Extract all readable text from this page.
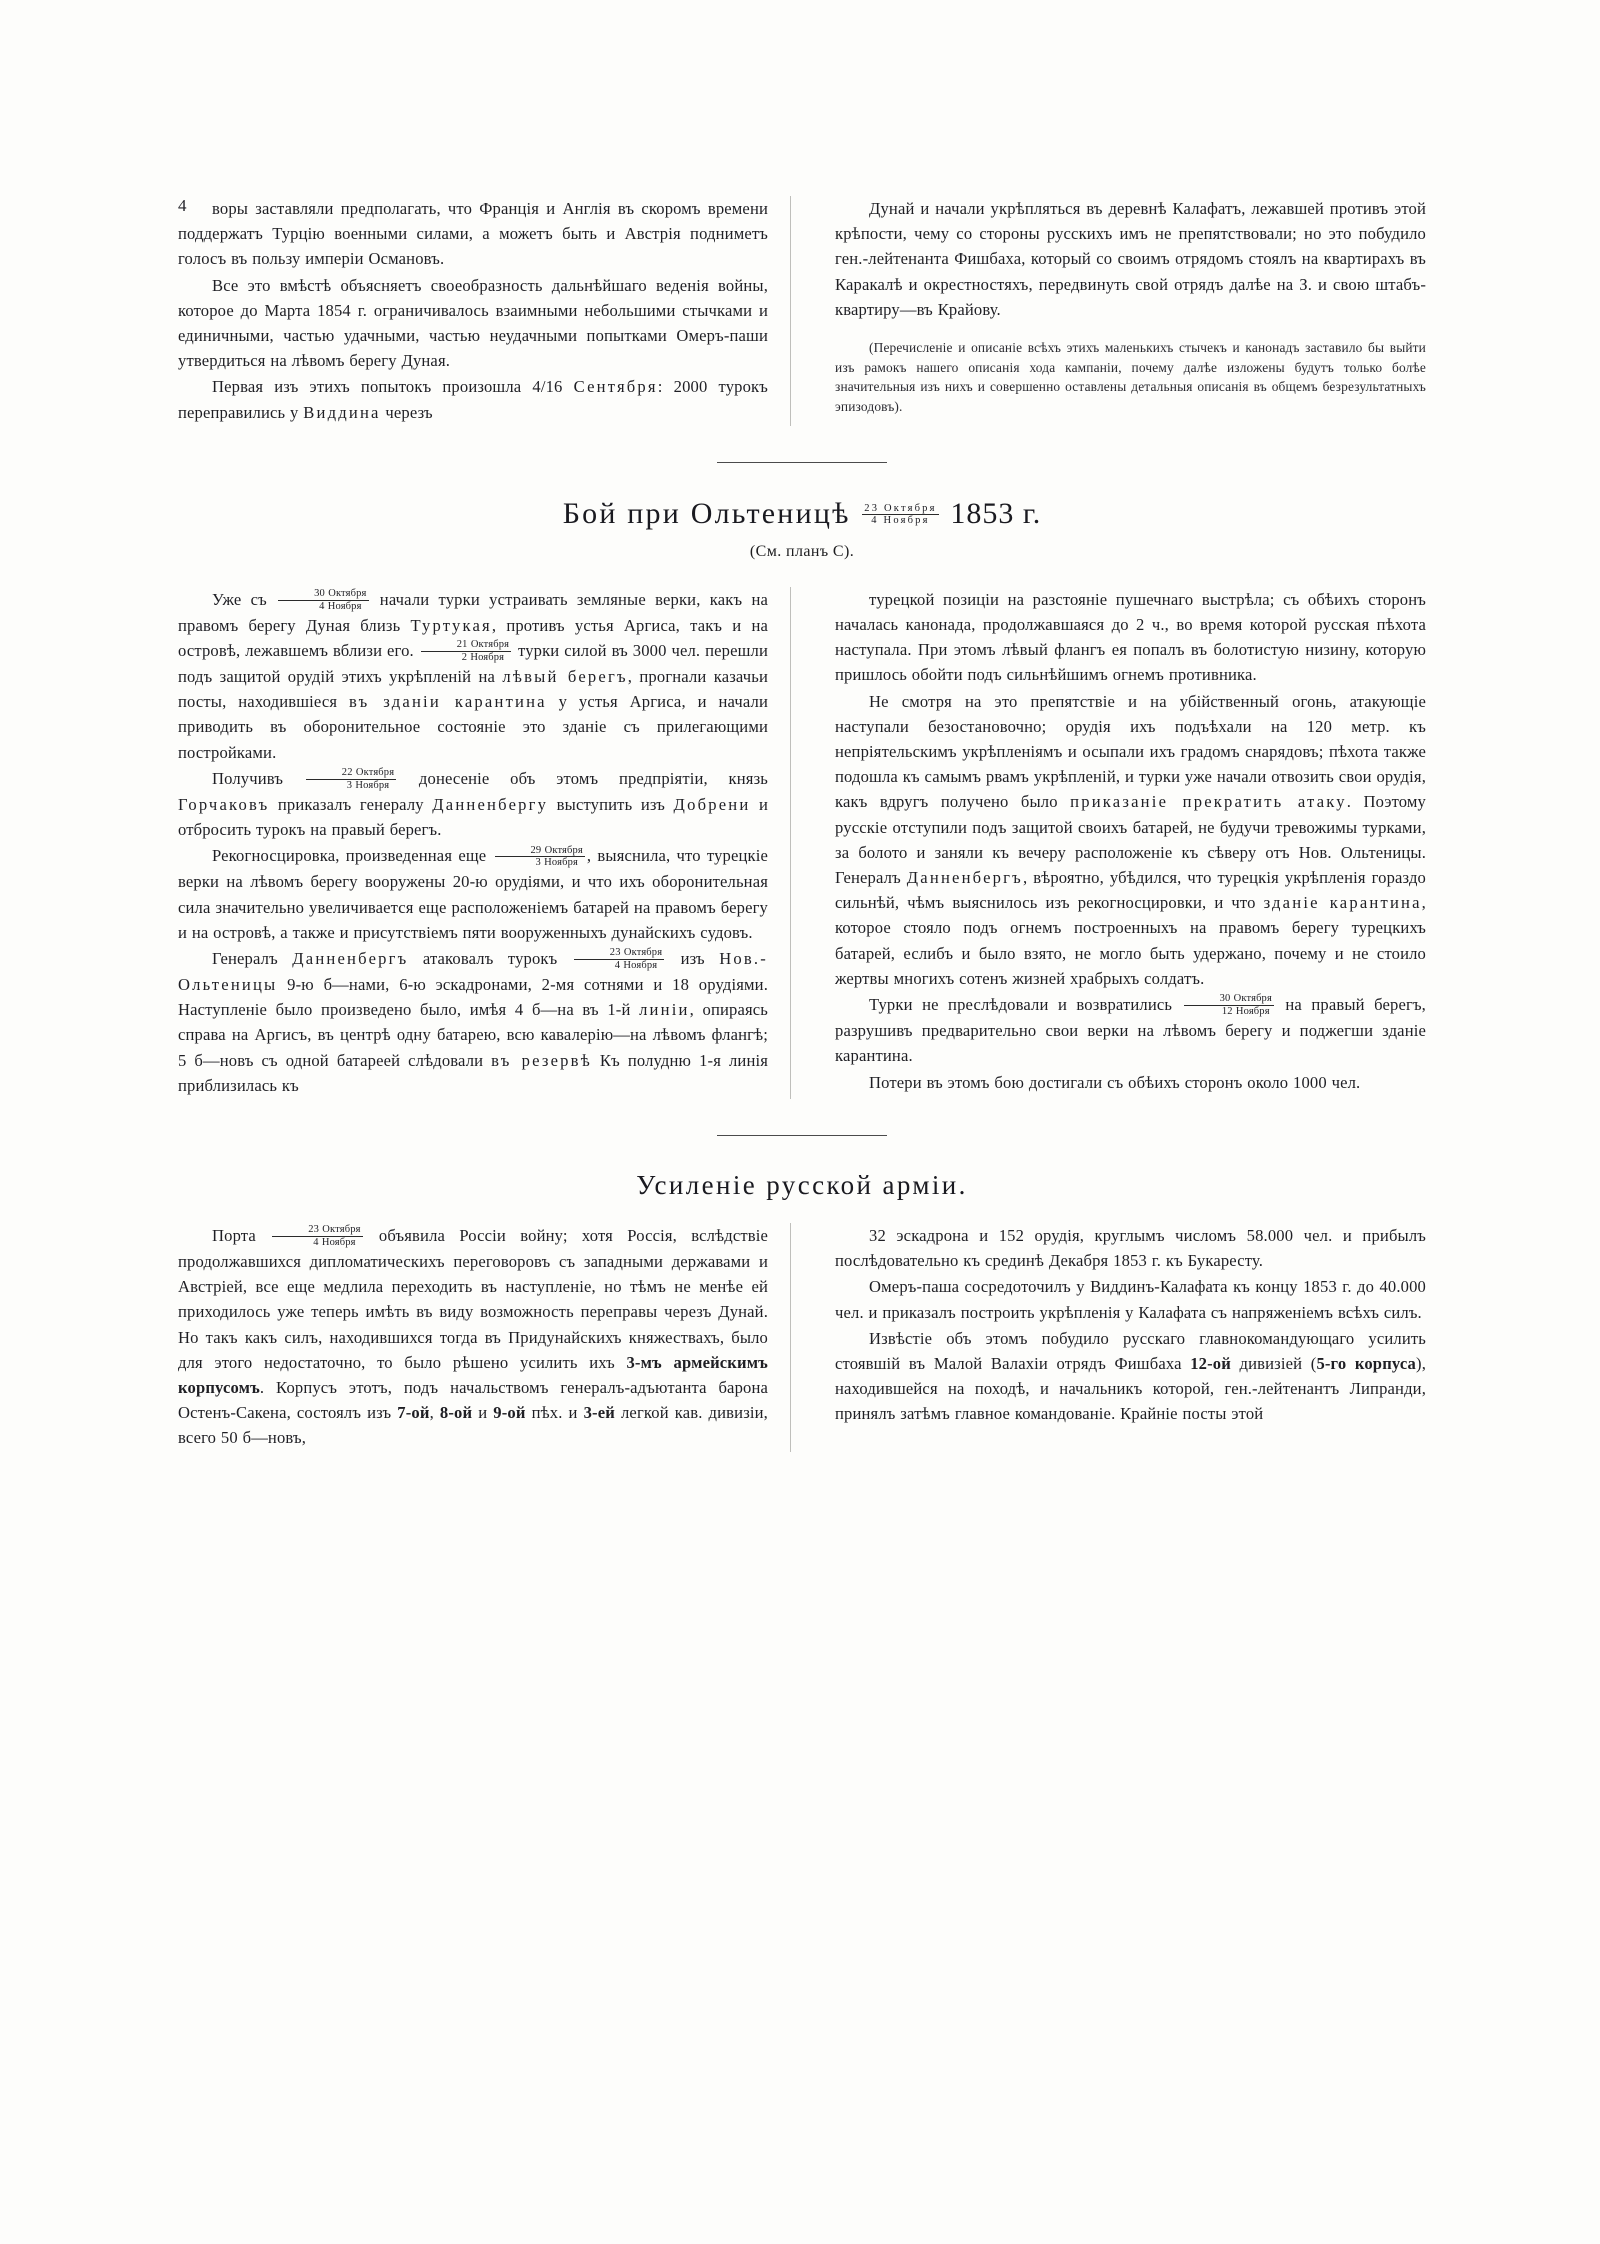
4	воры заставляли предполагать, что Франція и Англія въ скоромъ времени поддержатъ Турцію военными силами, а можетъ быть и Австрія подниметъ голосъ въ пользу имперіи Османовъ.

Все это вмѣстѣ объясняетъ своеобразность дальнѣйшаго веденія войны, которое до Марта 1854 г. ограничивалось взаимными небольшими стычками и единичными, частью удачными, частью неудачными попытками Омеръ-паши утвердиться на лѣвомъ берегу Дуная.

Первая изъ этихъ попытокъ произошла 4/16 Сентября: 2000 турокъ переправились у Виддина черезъ

Дунай и начали укрѣпляться въ деревнѣ Калафатъ, лежавшей противъ этой крѣпости, чему со стороны русскихъ имъ не препятствовали; но это побудило ген.-лейтенанта Фишбаха, который со своимъ отрядомъ стоялъ на квартирахъ въ Каракалѣ и окрестностяхъ, передвинуть свой отрядъ далѣе на З. и свою штабъ-квартиру—въ Крайову.

(Перечисленіе и описаніе всѣхъ этихъ маленькихъ стычекъ и канонадъ заставило бы выйти изъ рамокъ нашего описанія хода кампаніи, почему далѣе изложены будутъ только болѣе значительныя изъ нихъ и совершенно оставлены детальныя описанія въ общемъ безрезультатныхъ эпизодовъ).

Бой при Ольтеницѣ $\frac{\text{23 Октября}}{\text{4 Ноября}} 1853$ г.
(См. планъ С).

Уже съ $\frac{\text{30 Октября}}{\text{4 Ноября}}$ начали турки устраивать земляные верки, какъ на правомъ берегу Дуная близь Туртукая, противъ устья Аргиса, такъ и на островѣ, лежавшемъ вблизи его. $\frac{\text{21 Октября}}{\text{2 Ноября}}$ турки силой въ 3000 чел. перешли подъ защитой орудій этихъ укрѣпленій на лѣвый берегъ, прогнали казачьи посты, находившіеся въ зданіи карантина у устья Аргиса, и начали приводить въ оборонительное состояніе это зданіе съ прилегающими постройками.

Получивъ $\frac{\text{22 Октября}}{\text{3 Ноября}}$ донесеніе объ этомъ предпріятіи, князь Горчаковъ приказалъ генералу Данненбергу выступить изъ Добрени и отбросить турокъ на правый берегъ.

Рекогносцировка, произведенная еще $\frac{\text{29 Октября}}{\text{3 Ноября}}$ , выяснила, что турецкіе верки на лѣвомъ берегу вооружены 20-ю орудіями, и что ихъ оборонительная сила значительно увеличивается еще расположеніемъ батарей на правомъ берегу и на островѣ, а также и присутствіемъ пяти вооруженныхъ дунайскихъ судовъ.

Генералъ Данненбергъ атаковалъ турокъ $\frac{\text{23 Октября}}{\text{4 Ноября}}$ изъ Нов.-Ольтеницы 9-ю б—нами, 6-ю эскадронами, 2-мя сотнями и 18 орудіями. Наступленіе было произведено было, имѣя 4 б—на въ 1-й линіи, опираясь справа на Аргисъ, въ центрѣ одну батарею, всю кавалерію—на лѣвомъ флангѣ; 5 б—новъ съ одной батареей слѣдовали въ резервѣ Къ полудню 1-я линія приблизилась къ

турецкой позиціи на разстояніе пушечнаго выстрѣла; съ обѣихъ сторонъ началась канонада, продолжавшаяся до 2 ч., во время которой русская пѣхота наступала. При этомъ лѣвый флангъ ея попалъ въ болотистую низину, которую пришлось обойти подъ сильнѣйшимъ огнемъ противника.

Не смотря на это препятствіе и на убійственный огонь, атакующіе наступали безостановочно; орудія ихъ подъѣхали на 120 метр. къ непріятельскимъ укрѣпленіямъ и осыпали ихъ градомъ снарядовъ; пѣхота также подошла къ самымъ рвамъ укрѣпленій, и турки уже начали отвозить свои орудія, какъ вдругъ получено было приказаніе прекратить атаку. Поэтому русскіе отступили подъ защитой своихъ батарей, не будучи тревожимы турками, за болото и заняли къ вечеру расположеніе къ сѣверу отъ Нов. Ольтеницы. Генералъ Данненбергъ, вѣроятно, убѣдился, что турецкія укрѣпленія гораздо сильнѣй, чѣмъ выяснилось изъ рекогносцировки, и что зданіе карантина, которое стояло подъ огнемъ построенныхъ на правомъ берегу турецкихъ батарей, еслибъ и было взято, не могло быть удержано, почему и не стоило жертвы многихъ сотенъ жизней храбрыхъ солдатъ.

Турки не преслѣдовали и возвратились $\frac{\text{30 Октября}}{\text{12 Ноября}}$ на правый берегъ, разрушивъ предварительно свои верки на лѣвомъ берегу и поджегши зданіе карантина.

Потери въ этомъ бою достигали съ обѣихъ сторонъ около 1000 чел.

Усиленіе русской арміи.

Порта $\frac{\text{23 Октября}}{\text{4 Ноября}}$ объявила Россіи войну; хотя Россія, вслѣдствіе продолжавшихся дипломатическихъ переговоровъ съ западными державами и Австріей, все еще медлила переходить въ наступленіе, но тѣмъ не менѣе ей приходилось уже теперь имѣть въ виду возможность переправы черезъ Дунай. Но такъ какъ силъ, находившихся тогда въ Придунайскихъ княжествахъ, было для этого недостаточно, то было рѣшено усилить ихъ 3-мъ армейскимъ корпусомъ. Корпусъ этотъ, подъ начальствомъ генералъ-адъютанта барона Остенъ-Сакена, состоялъ изъ 7-ой, 8-ой и 9-ой пѣх. и 3-ей легкой кав. дивизіи, всего 50 б—новъ,

32 эскадрона и 152 орудія, круглымъ числомъ 58.000 чел. и прибылъ послѣдовательно къ срединѣ Декабря 1853 г. къ Букаресту.

Омеръ-паша сосредоточилъ у Виддинъ-Калафата къ концу 1853 г. до 40.000 чел. и приказалъ построить укрѣпленія у Калафата съ напряженіемъ всѣхъ силъ.

Извѣстіе объ этомъ побудило русскаго главнокомандующаго усилить стоявшій въ Малой Валахіи отрядъ Фишбаха 12-ой дивизіей (5-го корпуса), находившейся на походѣ, и начальникъ которой, ген.-лейтенантъ Липранди, принялъ затѣмъ главное командованіе. Крайніе посты этой
